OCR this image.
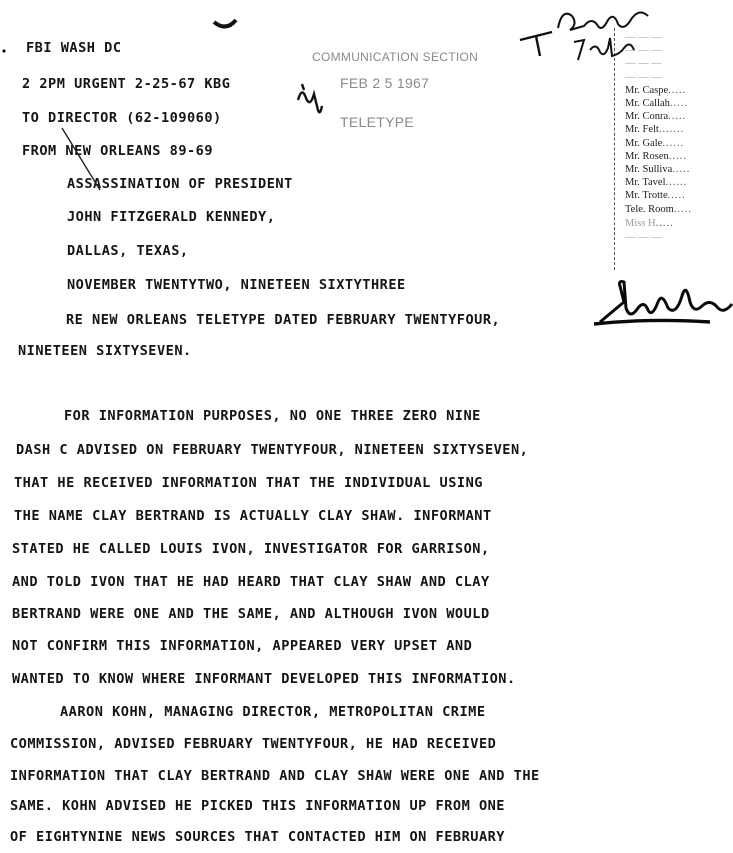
FBI WASH DC
2 2PM URGENT 2-25-67 KBG
TO DIRECTOR (62-109060)
FROM NEW ORLEANS 89-69
COMMUNICATION SECTION
FEB 2 5 1967
TELETYPE
— — —
— — —
— — —
— — —
Mr. Caspe.....
Mr. Callah.....
Mr. Conra.....
Mr. Felt.......
Mr. Gale......
Mr. Rosen.....
Mr. Sulliva.....
Mr. Tavel......
Mr. Trotte.....
Tele. Room.....
Miss H.....
— — —
ASSASSINATION OF PRESIDENT
JOHN FITZGERALD KENNEDY,
DALLAS, TEXAS,
NOVEMBER TWENTYTWO, NINETEEN SIXTYTHREE
RE NEW ORLEANS TELETYPE DATED FEBRUARY TWENTYFOUR,
NINETEEN SIXTYSEVEN.
FOR INFORMATION PURPOSES, NO ONE THREE ZERO NINE
DASH C ADVISED ON FEBRUARY TWENTYFOUR, NINETEEN SIXTYSEVEN,
THAT HE RECEIVED INFORMATION THAT THE INDIVIDUAL USING
THE NAME CLAY BERTRAND IS ACTUALLY CLAY SHAW. INFORMANT
STATED HE CALLED LOUIS IVON, INVESTIGATOR FOR GARRISON,
AND TOLD IVON THAT HE HAD HEARD THAT CLAY SHAW AND CLAY
BERTRAND WERE ONE AND THE SAME, AND ALTHOUGH IVON WOULD
NOT CONFIRM THIS INFORMATION, APPEARED VERY UPSET AND
WANTED TO KNOW WHERE INFORMANT DEVELOPED THIS INFORMATION.
AARON KOHN, MANAGING DIRECTOR, METROPOLITAN CRIME
COMMISSION, ADVISED FEBRUARY TWENTYFOUR, HE HAD RECEIVED
INFORMATION THAT CLAY BERTRAND AND CLAY SHAW WERE ONE AND THE
SAME. KOHN ADVISED HE PICKED THIS INFORMATION UP FROM ONE
OF EIGHTYNINE NEWS SOURCES THAT CONTACTED HIM ON FEBRUARY
